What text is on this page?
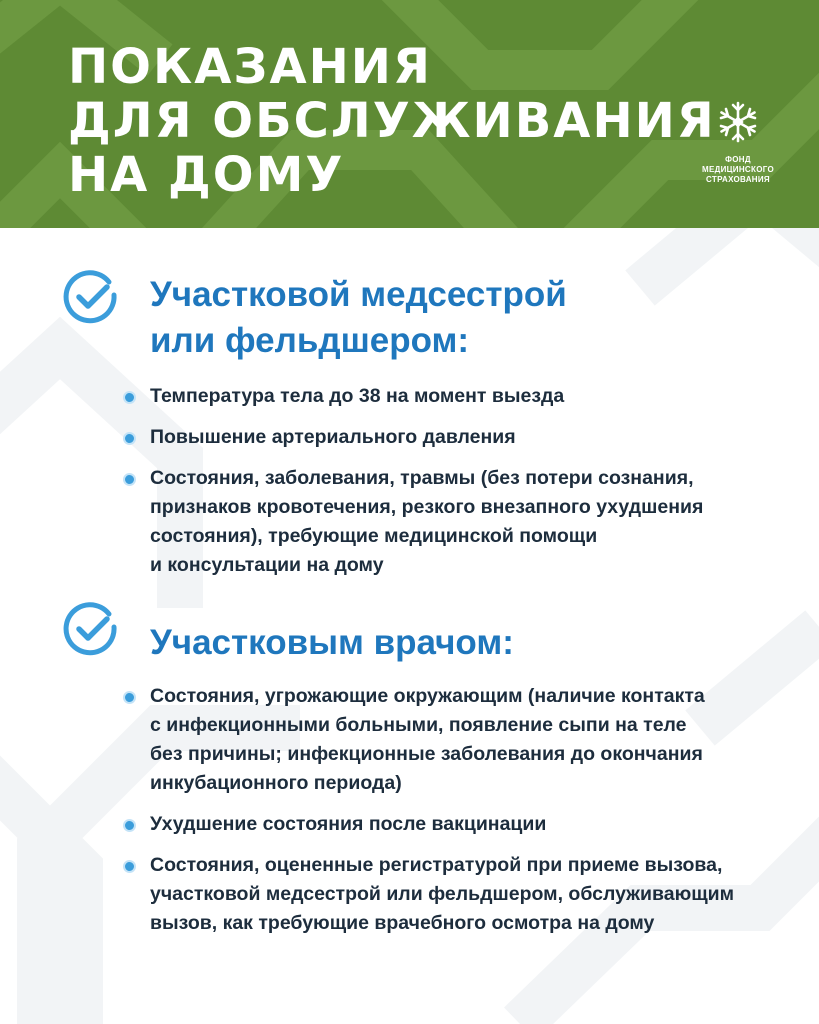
ПОКАЗАНИЯ
ДЛЯ ОБСЛУЖИВАНИЯ
НА ДОМУ	ФОНД
МЕДИЦИНСКОГО
СТРАХОВАНИЯ
Участковой медсестрой
или фельдшером:
Температура тела до 38 на момент выезда
Повышение артериального давления
Состояния, заболевания, травмы (без потери сознания,
признаков кровотечения, резкого внезапного ухудшения
состояния), требующие медицинской помощи
и консультации на дому
Участковым врачом:
Состояния, угрожающие окружающим (наличие контакта
с инфекционными больными, появление сыпи на теле
без причины; инфекционные заболевания до окончания
инкубационного периода)
Ухудшение состояния после вакцинации
Состояния, оцененные регистратурой при приеме вызова,
участковой медсестрой или фельдшером, обслуживающим
вызов, как требующие врачебного осмотра на дому
